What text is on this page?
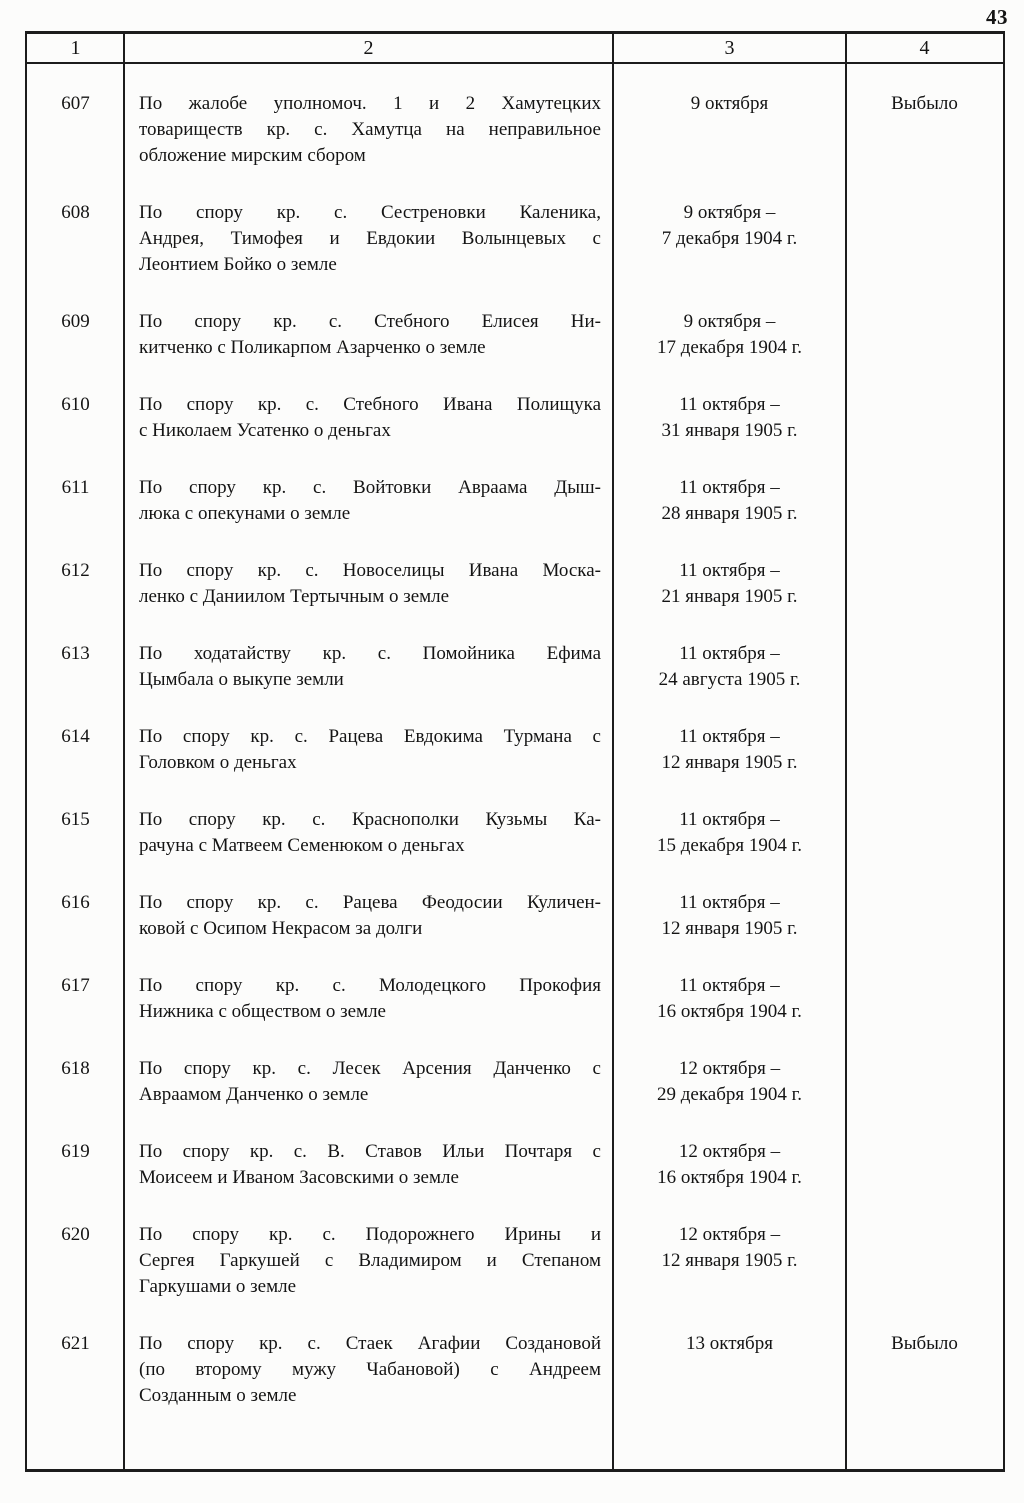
43
1	2	3	4
607	По жалобе уполномоч. 1 и 2 Хамутецких
товариществ кр. с. Хамутца на неправильное
обложение мирским сбором
9 октября	Выбыло
608	По спору кр. с. Сестреновки Каленика,
Андрея, Тимофея и Евдокии Волынцевых с
Леонтием Бойко о земле
9 октября –
7 декабря 1904 г.
609	По спору кр. с. Стебного Елисея Ни-
китченко с Поликарпом Азарченко о земле
9 октября –
17 декабря 1904 г.
610	По спору кр. с. Стебного Ивана Полищука
с Николаем Усатенко о деньгах
11 октября –
31 января 1905 г.
611	По спору кр. с. Войтовки Авраама Дыш-
люка с опекунами о земле
11 октября –
28 января 1905 г.
612	По спору кр. с. Новоселицы Ивана Моска-
ленко с Даниилом Тертычным о земле
11 октября –
21 января 1905 г.
613	По ходатайству кр. с. Помойника Ефима
Цымбала о выкупе земли
11 октября –
24 августа 1905 г.
614	По спору кр. с. Рацева Евдокима Турмана с
Головком о деньгах
11 октября –
12 января 1905 г.
615	По спору кр. с. Краснополки Кузьмы Ка-
рачуна с Матвеем Семенюком о деньгах
11 октября –
15 декабря 1904 г.
616	По спору кр. с. Рацева Феодосии Куличен-
ковой с Осипом Некрасом за долги
11 октября –
12 января 1905 г.
617	По спору кр. с. Молодецкого Прокофия
Нижника с обществом о земле
11 октября –
16 октября 1904 г.
618	По спору кр. с. Лесек Арсения Данченко с
Авраамом Данченко о земле
12 октября –
29 декабря 1904 г.
619	По спору кр. с. В. Ставов Ильи Почтаря с
Моисеем и Иваном Засовскими о земле
12 октября –
16 октября 1904 г.
620	По спору кр. с. Подорожнего Ирины и
Сергея Гаркушей с Владимиром и Степаном
Гаркушами о земле
12 октября –
12 января 1905 г.
621	По спору кр. с. Стаек Агафии Создановой
(по второму мужу Чабановой) с Андреем
Созданным о земле
13 октября	Выбыло
